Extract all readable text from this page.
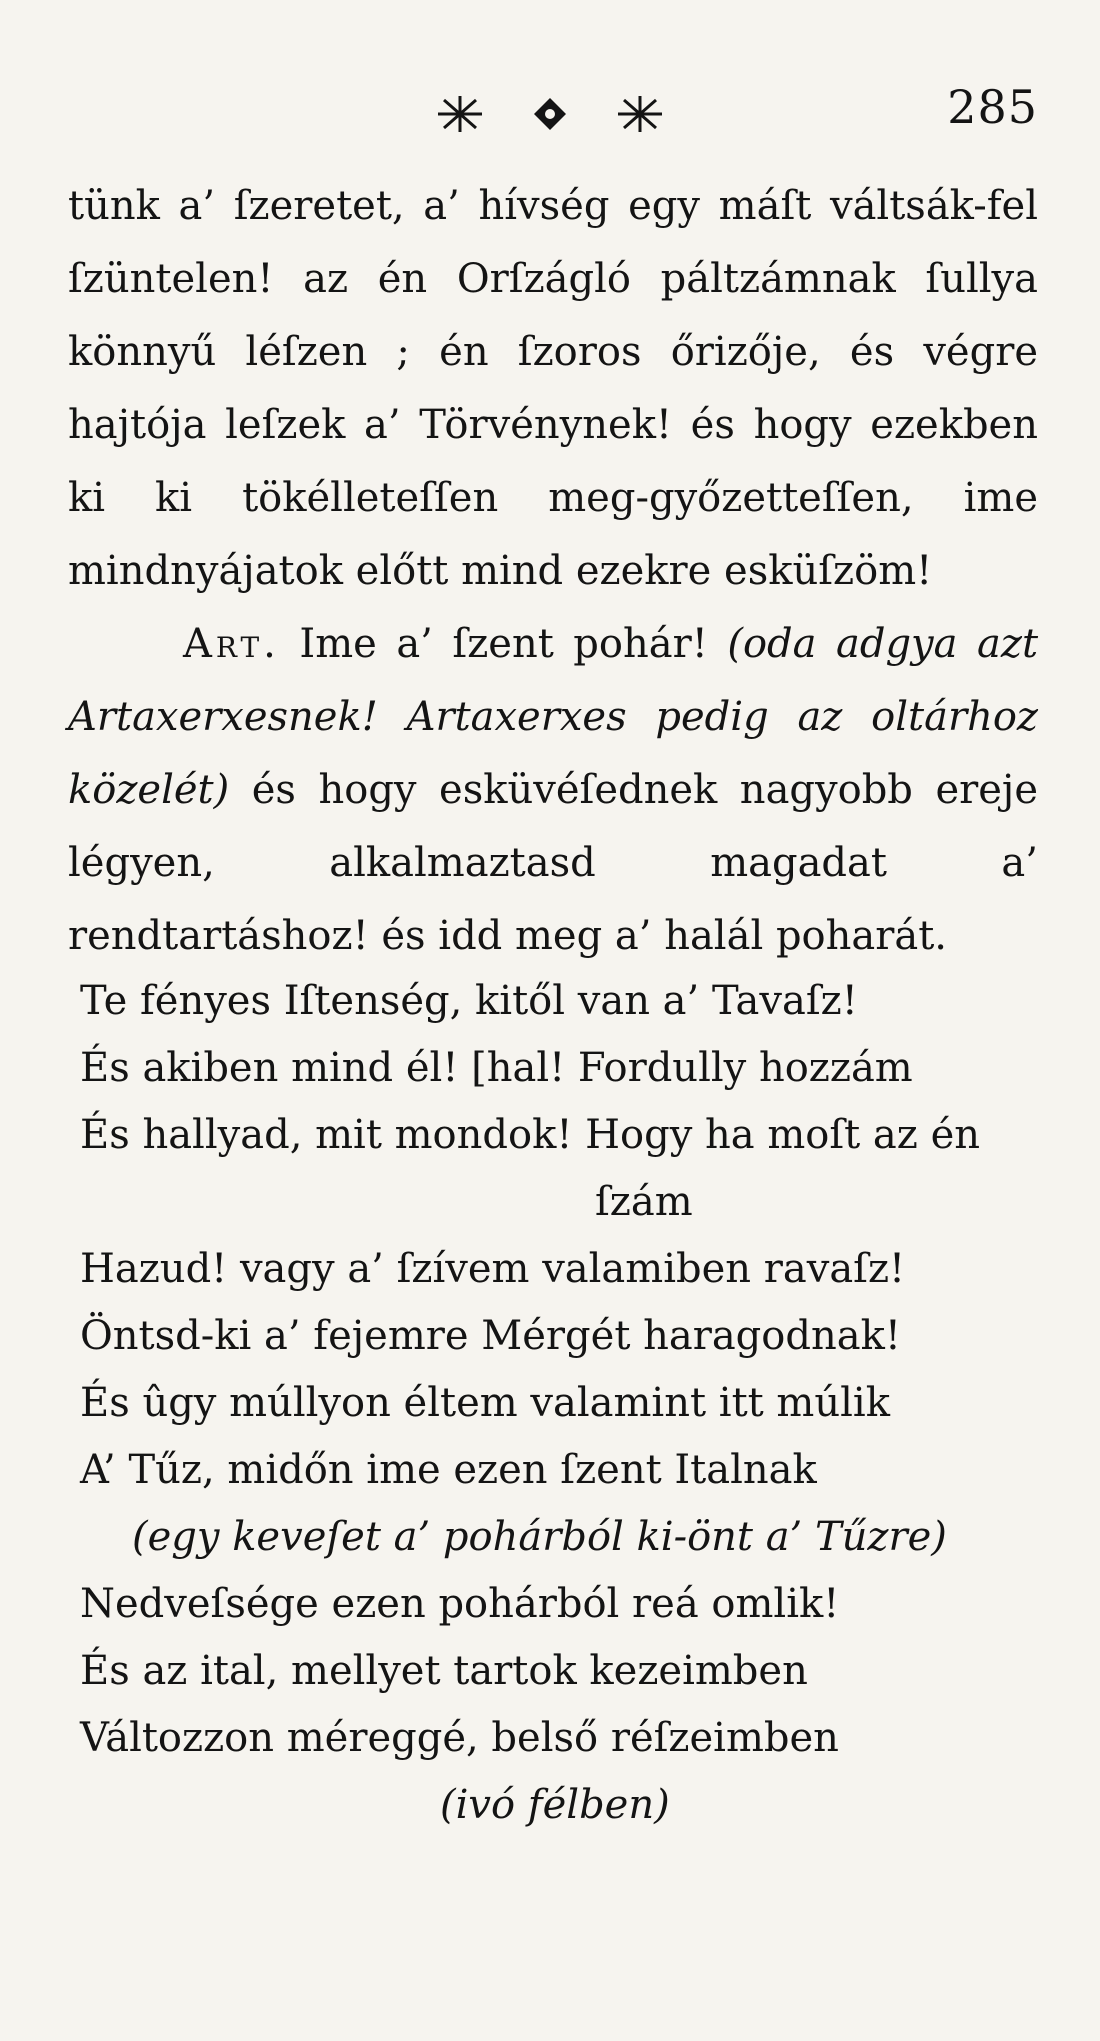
285

tünk a’ ſzeretet, a’ hívség egy máſt váltsák-fel ſzüntelen! az én Orſzágló páltzámnak ſullya könnyű léſzen ; én ſzoros őrizője, és végre hajtója leſzek a’ Törvénynek! és hogy ezekben ki ki tökélleteſſen meg-győzetteſſen, ime mindnyájatok előtt mind ezekre esküſzöm!

Art. Ime a’ ſzent pohár! (oda adgya azt Artaxerxesnek! Artaxerxes pedig az oltárhoz közelét) és hogy esküvéſednek nagyobb ereje légyen, alkalmaztasd magadat a’ rendtartáshoz! és idd meg a’ halál poharát.

Te fényes Iſtenség, kitől van a’ Tavaſz!
És akiben mind él! [hal! Fordully hozzám
És hallyad, mit mondok! Hogy ha moſt az én
ſzám
Hazud! vagy a’ ſzívem valamiben ravaſz!
Öntsd-ki a’ fejemre Mérgét haragodnak!
És ûgy múllyon éltem valamint itt múlik
A’ Tűz, midőn ime ezen ſzent Italnak
(egy keveſet a’ pohárból ki-önt a’ Tűzre)
Nedveſsége ezen pohárból reá omlik!
És az ital, mellyet tartok kezeimben
Változzon méreggé, belső réſzeimben
(ivó félben)
